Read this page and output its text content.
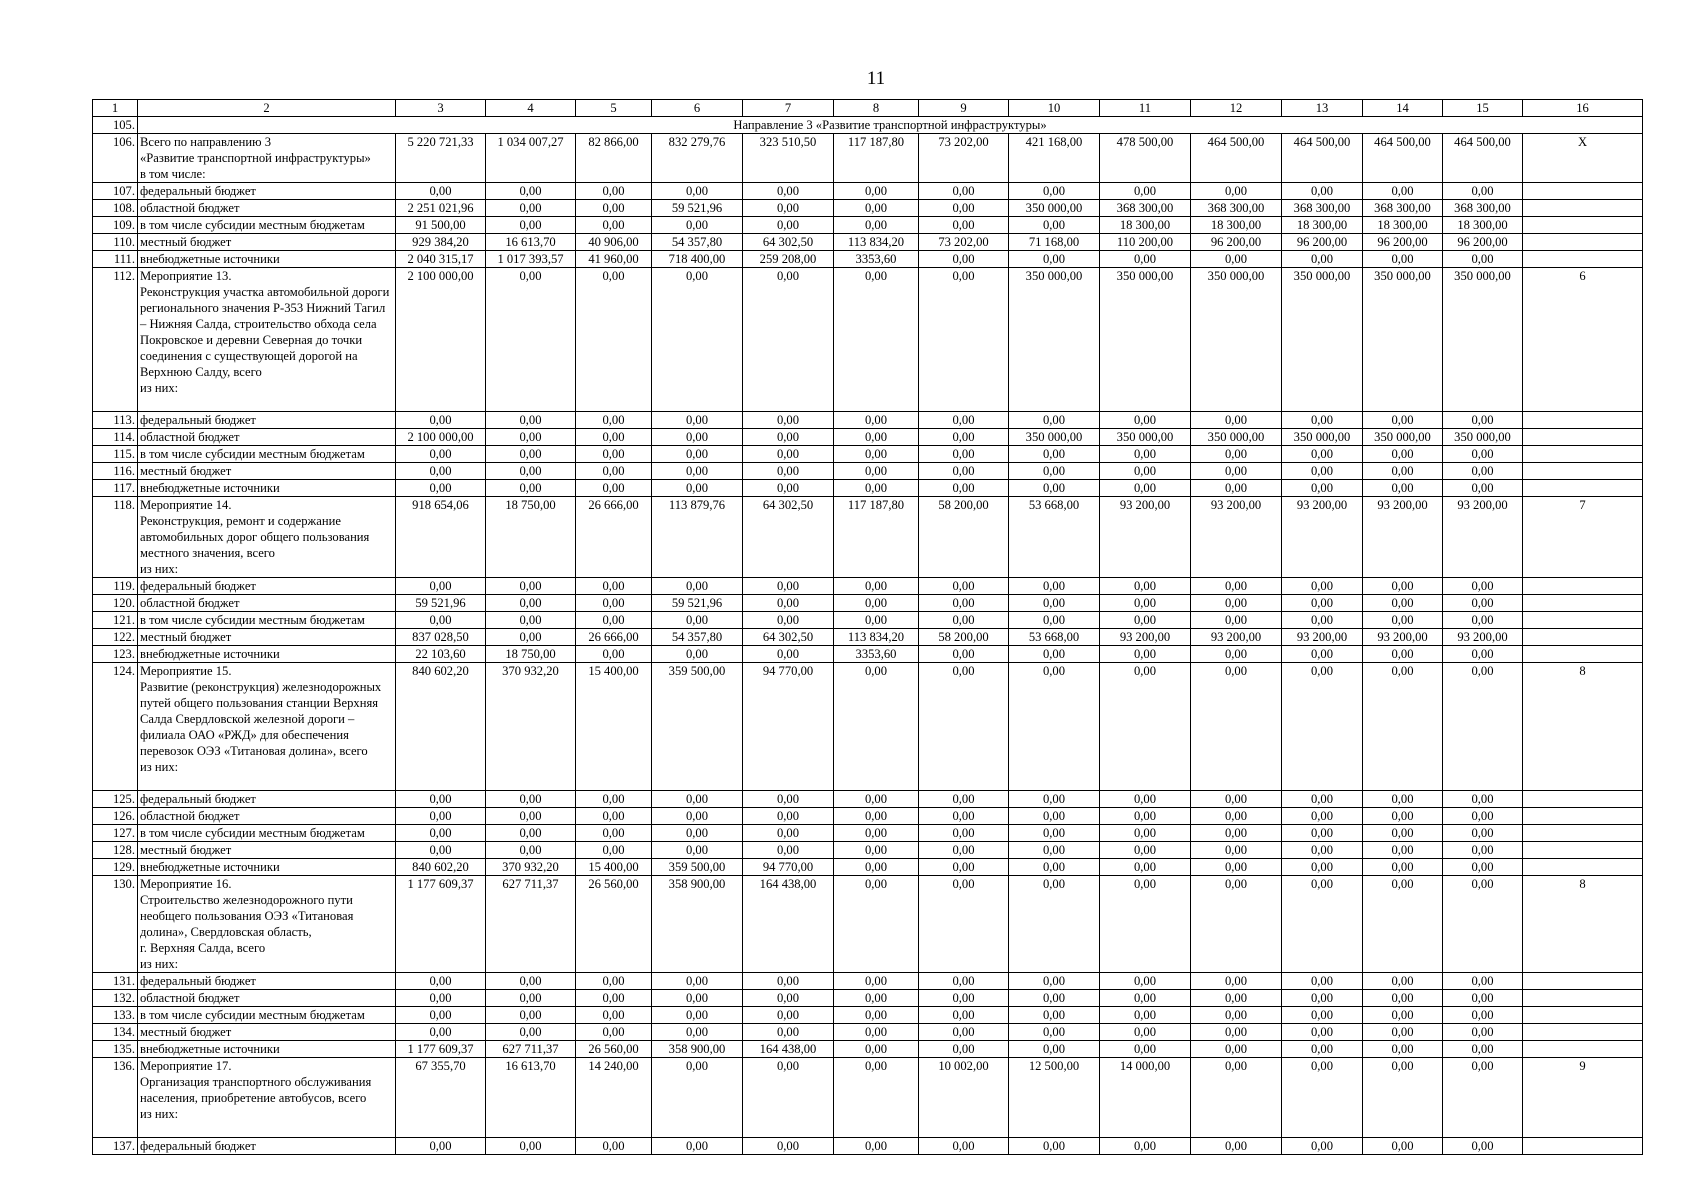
11
1	2	3	4	5	6	7	8	9	10	11	12	13	14	15	16
105.	Направление 3 «Развитие транспортной инфраструктуры»														
106.	Всего по направлению 3
«Развитие транспортной инфраструктуры»
в том числе:	5 220 721,33	1 034 007,27	82 866,00	832 279,76	323 510,50	117 187,80	73 202,00	421 168,00	478 500,00	464 500,00	464 500,00	464 500,00	464 500,00	Х
107.	федеральный бюджет	0,00	0,00	0,00	0,00	0,00	0,00	0,00	0,00	0,00	0,00	0,00	0,00	0,00	
108.	областной бюджет	2 251 021,96	0,00	0,00	59 521,96	0,00	0,00	0,00	350 000,00	368 300,00	368 300,00	368 300,00	368 300,00	368 300,00	
109.	в том числе субсидии местным бюджетам	91 500,00	0,00	0,00	0,00	0,00	0,00	0,00	0,00	18 300,00	18 300,00	18 300,00	18 300,00	18 300,00	
110.	местный бюджет	929 384,20	16 613,70	40 906,00	54 357,80	64 302,50	113 834,20	73 202,00	71 168,00	110 200,00	96 200,00	96 200,00	96 200,00	96 200,00	
111.	внебюджетные источники	2 040 315,17	1 017 393,57	41 960,00	718 400,00	259 208,00	3353,60	0,00	0,00	0,00	0,00	0,00	0,00	0,00	
112.	Мероприятие 13.
Реконструкция участка автомобильной дороги регионального значения Р-353 Нижний Тагил – Нижняя Салда, строительство обхода села Покровское и деревни Северная до точки соединения с существующей дорогой на Верхнюю Салду, всего
из них:	2 100 000,00	0,00	0,00	0,00	0,00	0,00	0,00	350 000,00	350 000,00	350 000,00	350 000,00	350 000,00	350 000,00	6
113.	федеральный бюджет	0,00	0,00	0,00	0,00	0,00	0,00	0,00	0,00	0,00	0,00	0,00	0,00	0,00	
114.	областной бюджет	2 100 000,00	0,00	0,00	0,00	0,00	0,00	0,00	350 000,00	350 000,00	350 000,00	350 000,00	350 000,00	350 000,00	
115.	в том числе субсидии местным бюджетам	0,00	0,00	0,00	0,00	0,00	0,00	0,00	0,00	0,00	0,00	0,00	0,00	0,00	
116.	местный бюджет	0,00	0,00	0,00	0,00	0,00	0,00	0,00	0,00	0,00	0,00	0,00	0,00	0,00	
117.	внебюджетные источники	0,00	0,00	0,00	0,00	0,00	0,00	0,00	0,00	0,00	0,00	0,00	0,00	0,00	
118.	Мероприятие 14.
Реконструкция, ремонт и содержание автомобильных дорог общего пользования местного значения, всего
из них:	918 654,06	18 750,00	26 666,00	113 879,76	64 302,50	117 187,80	58 200,00	53 668,00	93 200,00	93 200,00	93 200,00	93 200,00	93 200,00	7
119.	федеральный бюджет	0,00	0,00	0,00	0,00	0,00	0,00	0,00	0,00	0,00	0,00	0,00	0,00	0,00	
120.	областной бюджет	59 521,96	0,00	0,00	59 521,96	0,00	0,00	0,00	0,00	0,00	0,00	0,00	0,00	0,00	
121.	в том числе субсидии местным бюджетам	0,00	0,00	0,00	0,00	0,00	0,00	0,00	0,00	0,00	0,00	0,00	0,00	0,00	
122.	местный бюджет	837 028,50	0,00	26 666,00	54 357,80	64 302,50	113 834,20	58 200,00	53 668,00	93 200,00	93 200,00	93 200,00	93 200,00	93 200,00	
123.	внебюджетные источники	22 103,60	18 750,00	0,00	0,00	0,00	3353,60	0,00	0,00	0,00	0,00	0,00	0,00	0,00	
124.	Мероприятие 15.
Развитие (реконструкция) железнодорожных путей общего пользования станции Верхняя Салда Свердловской железной дороги – филиала ОАО «РЖД» для обеспечения перевозок ОЭЗ «Титановая долина», всего
из них:	840 602,20	370 932,20	15 400,00	359 500,00	94 770,00	0,00	0,00	0,00	0,00	0,00	0,00	0,00	0,00	8
125.	федеральный бюджет	0,00	0,00	0,00	0,00	0,00	0,00	0,00	0,00	0,00	0,00	0,00	0,00	0,00	
126.	областной бюджет	0,00	0,00	0,00	0,00	0,00	0,00	0,00	0,00	0,00	0,00	0,00	0,00	0,00	
127.	в том числе субсидии местным бюджетам	0,00	0,00	0,00	0,00	0,00	0,00	0,00	0,00	0,00	0,00	0,00	0,00	0,00	
128.	местный бюджет	0,00	0,00	0,00	0,00	0,00	0,00	0,00	0,00	0,00	0,00	0,00	0,00	0,00	
129.	внебюджетные источники	840 602,20	370 932,20	15 400,00	359 500,00	94 770,00	0,00	0,00	0,00	0,00	0,00	0,00	0,00	0,00	
130.	Мероприятие 16.
Строительство железнодорожного пути необщего пользования ОЭЗ «Титановая долина», Свердловская область,
г. Верхняя Салда, всего
из них:	1 177 609,37	627 711,37	26 560,00	358 900,00	164 438,00	0,00	0,00	0,00	0,00	0,00	0,00	0,00	0,00	8
131.	федеральный бюджет	0,00	0,00	0,00	0,00	0,00	0,00	0,00	0,00	0,00	0,00	0,00	0,00	0,00	
132.	областной бюджет	0,00	0,00	0,00	0,00	0,00	0,00	0,00	0,00	0,00	0,00	0,00	0,00	0,00	
133.	в том числе субсидии местным бюджетам	0,00	0,00	0,00	0,00	0,00	0,00	0,00	0,00	0,00	0,00	0,00	0,00	0,00	
134.	местный бюджет	0,00	0,00	0,00	0,00	0,00	0,00	0,00	0,00	0,00	0,00	0,00	0,00	0,00	
135.	внебюджетные источники	1 177 609,37	627 711,37	26 560,00	358 900,00	164 438,00	0,00	0,00	0,00	0,00	0,00	0,00	0,00	0,00	
136.	Мероприятие 17.
Организация транспортного обслуживания населения, приобретение автобусов, всего
из них:	67 355,70	16 613,70	14 240,00	0,00	0,00	0,00	10 002,00	12 500,00	14 000,00	0,00	0,00	0,00	0,00	9
137.	федеральный бюджет	0,00	0,00	0,00	0,00	0,00	0,00	0,00	0,00	0,00	0,00	0,00	0,00	0,00	
